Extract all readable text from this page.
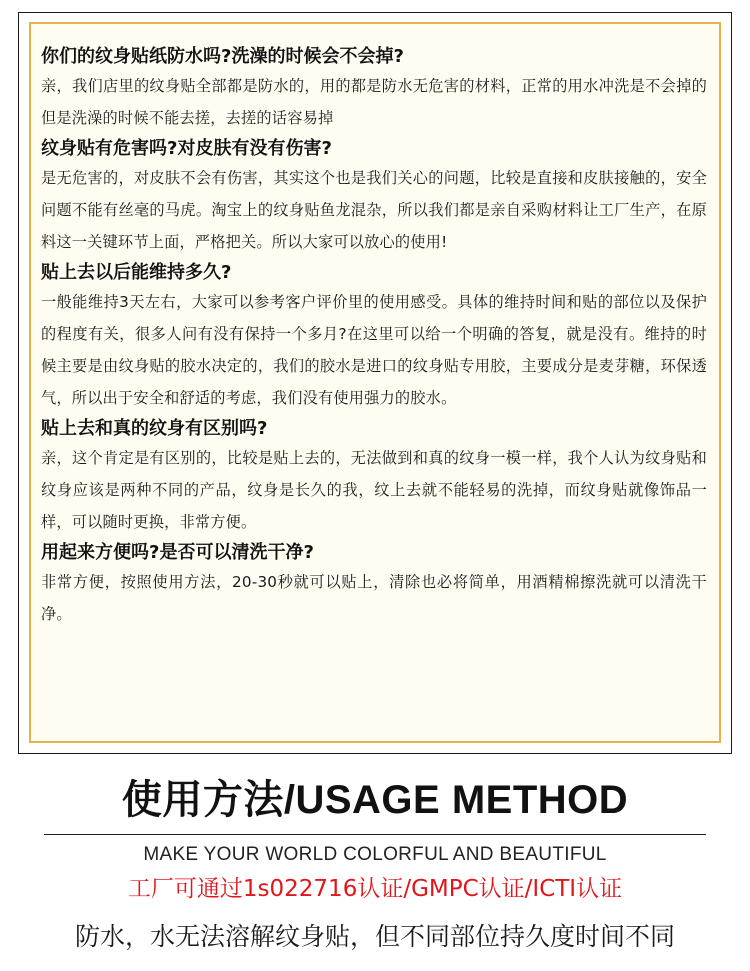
你们的纹身贴纸防水吗?洗澡的时候会不会掉?

亲，我们店里的纹身贴全部都是防水的，用的都是防水无危害的材料，正常的用水冲洗是不会掉的但是洗澡的时候不能去搓，去搓的话容易掉

纹身贴有危害吗?对皮肤有没有伤害?

是无危害的，对皮肤不会有伤害，其实这个也是我们关心的问题，比较是直接和皮肤接触的，安全问题不能有丝毫的马虎。淘宝上的纹身贴鱼龙混杂，所以我们都是亲自采购材料让工厂生产，在原料这一关键环节上面，严格把关。所以大家可以放心的使用!

贴上去以后能维持多久?

一般能维持3天左右，大家可以参考客户评价里的使用感受。具体的维持时间和贴的部位以及保护的程度有关，很多人问有没有保持一个多月?在这里可以给一个明确的答复，就是没有。维持的时候主要是由纹身贴的胶水决定的，我们的胶水是进口的纹身贴专用胶，主要成分是麦芽糖，环保透气，所以出于安全和舒适的考虑，我们没有使用强力的胶水。

贴上去和真的纹身有区别吗?

亲，这个肯定是有区别的，比较是贴上去的，无法做到和真的纹身一模一样，我个人认为纹身贴和纹身应该是两种不同的产品，纹身是长久的我，纹上去就不能轻易的洗掉，而纹身贴就像饰品一样，可以随时更换，非常方便。

用起来方便吗?是否可以清洗干净?

非常方便，按照使用方法，20-30秒就可以贴上，清除也必将简单，用酒精棉擦洗就可以清洗干净。

使用方法/USAGE METHOD
MAKE YOUR WORLD COLORFUL AND BEAUTIFUL
工厂可通过1s022716认证/GMPC认证/ICTI认证
防水，水无法溶解纹身贴，但不同部位持久度时间不同
